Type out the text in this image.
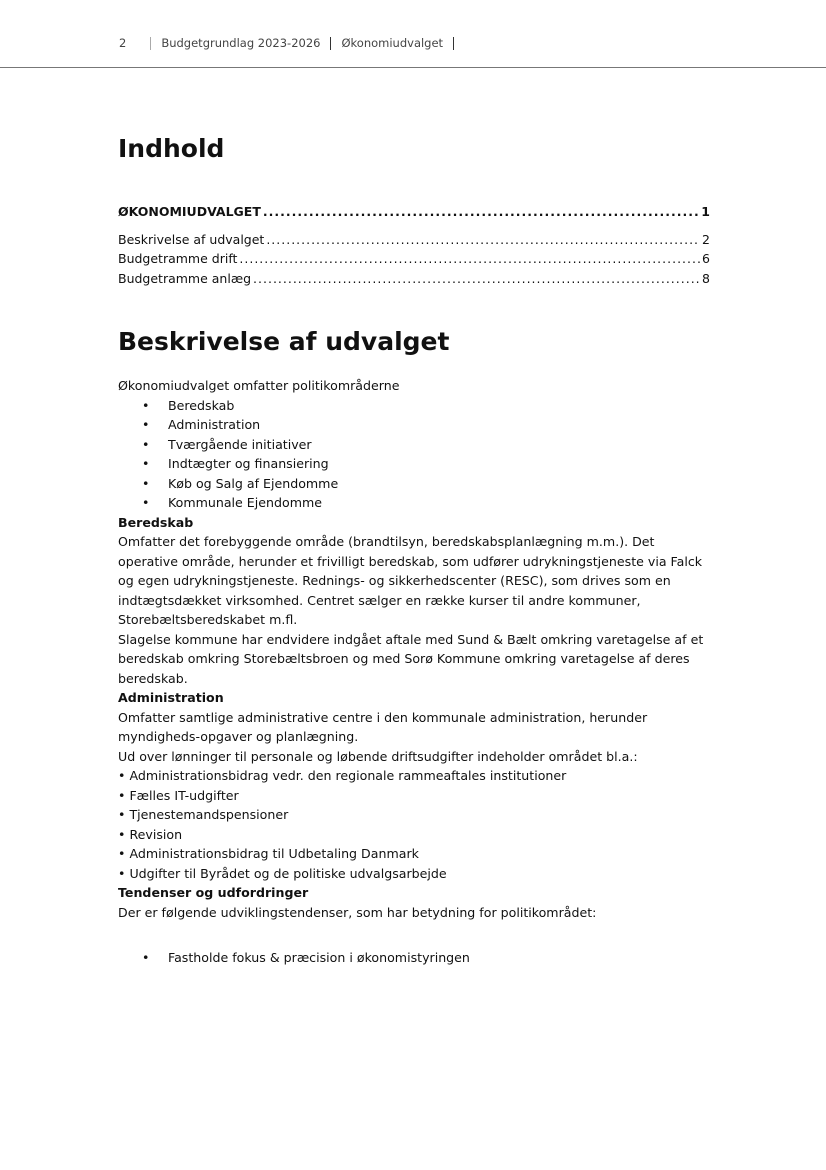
2	Budgetgrundlag 2023-2026 Økonomiudvalget
Indhold
ØKONOMIUDVALGET .....	1
Beskrivelse af udvalget .....	2
Budgetramme drift .....	6
Budgetramme anlæg .....	8
Beskrivelse af udvalget

Økonomiudvalget omfatter politikområderne

• Beredskab
• Administration
• Tværgående initiativer
• Indtægter og finansiering
• Køb og Salg af Ejendomme
• Kommunale Ejendomme

Beredskab

Omfatter det forebyggende område (brandtilsyn, beredskabsplanlægning m.m.). Det operative område, herunder et frivilligt beredskab, som udfører udrykningstjeneste via Falck og egen udrykningstjeneste. Rednings- og sikkerhedscenter (RESC), som drives som en indtægtsdækket virksomhed. Centret sælger en række kurser til andre kommuner, Storebæltsberedskabet m.fl.

Slagelse kommune har endvidere indgået aftale med Sund & Bælt omkring varetagelse af et beredskab omkring Storebæltsbroen og med Sorø Kommune omkring varetagelse af deres beredskab.

Administration

Omfatter samtlige administrative centre i den kommunale administration, herunder myndigheds-opgaver og planlægning.

Ud over lønninger til personale og løbende driftsudgifter indeholder området bl.a.:

• Administrationsbidrag vedr. den regionale rammeaftales institutioner
• Fælles IT-udgifter
• Tjenestemandspensioner
• Revision
• Administrationsbidrag til Udbetaling Danmark
• Udgifter til Byrådet og de politiske udvalgsarbejde

Tendenser og udfordringer

Der er følgende udviklingstendenser, som har betydning for politikområdet:

• Fastholde fokus & præcision i økonomistyringen
